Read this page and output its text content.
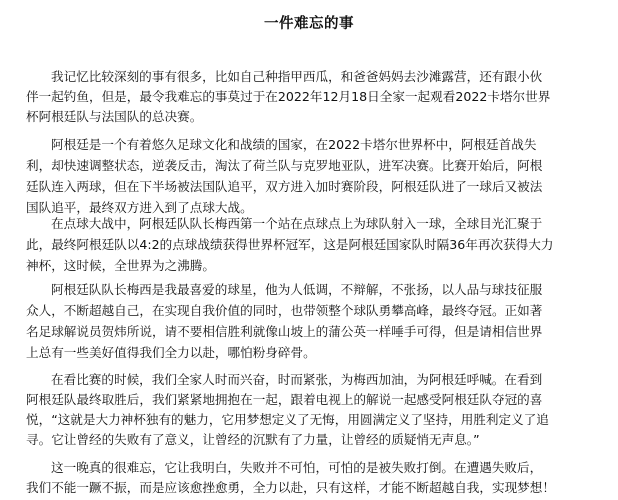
一件难忘的事
我记忆比较深刻的事有很多，比如自己种指甲西瓜，和爸爸妈妈去沙滩露营，还有跟小伙
伴一起钓鱼，但是，最令我难忘的事莫过于在2022年12月18日全家一起观看2022卡塔尔世界
杯阿根廷队与法国队的总决赛。
阿根廷是一个有着悠久足球文化和战绩的国家，在2022卡塔尔世界杯中，阿根廷首战失
利，却快速调整状态，逆袭反击，淘汰了荷兰队与克罗地亚队，进军决赛。比赛开始后，阿根
廷队连入两球，但在下半场被法国队追平，双方进入加时赛阶段，阿根廷队进了一球后又被法
国队追平，最终双方进入到了点球大战。
在点球大战中，阿根廷队队长梅西第一个站在点球点上为球队射入一球，全球目光汇聚于
此，最终阿根廷队以4:2的点球战绩获得世界杯冠军，这是阿根廷国家队时隔36年再次获得大力
神杯，这时候，全世界为之沸腾。
阿根廷队队长梅西是我最喜爱的球星，他为人低调，不辩解，不张扬，以人品与球技征服
众人，不断超越自己，在实现自我价值的同时，也带领整个球队勇攀高峰，最终夺冠。正如著
名足球解说员贺炜所说，请不要相信胜利就像山坡上的蒲公英一样唾手可得，但是请相信世界
上总有一些美好值得我们全力以赴，哪怕粉身碎骨。
在看比赛的时候，我们全家人时而兴奋，时而紧张，为梅西加油，为阿根廷呼喊。在看到
阿根廷队最终取胜后，我们紧紧地拥抱在一起，跟着电视上的解说一起感受阿根廷队夺冠的喜
悦，“这就是大力神杯独有的魅力，它用梦想定义了无悔，用圆满定义了坚持，用胜利定义了追
寻。它让曾经的失败有了意义，让曾经的沉默有了力量，让曾经的质疑悄无声息。”
这一晚真的很难忘，它让我明白，失败并不可怕，可怕的是被失败打倒。在遭遇失败后，
我们不能一蹶不振，而是应该愈挫愈勇，全力以赴，只有这样，才能不断超越自我，实现梦想！
